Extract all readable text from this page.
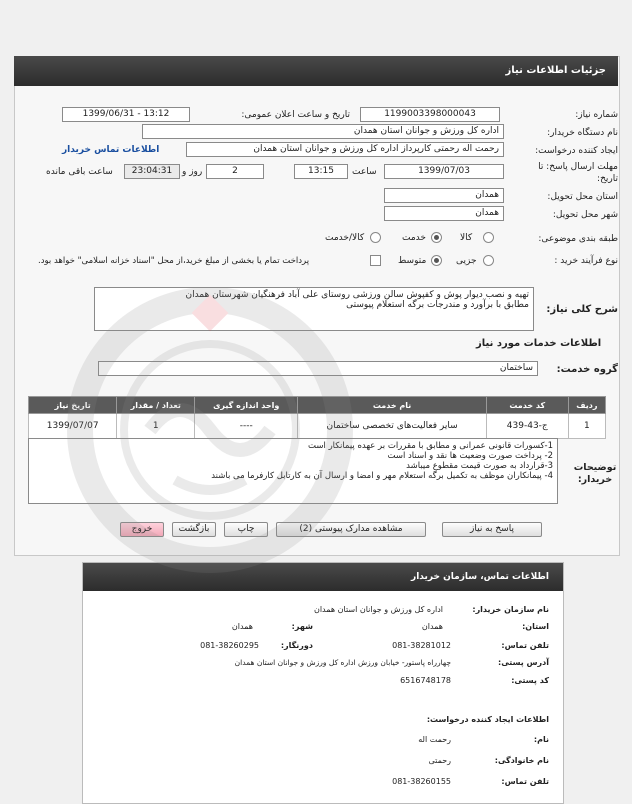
جزئیات اطلاعات نیاز
شماره نیاز:
1199003398000043
تاریخ و ساعت اعلان عمومی:
1399/06/31 - 13:12
نام دستگاه خریدار:
اداره کل ورزش و جوانان استان همدان
ایجاد کننده درخواست:
رحمت اله رحمتی کارپرداز اداره کل ورزش و جوانان استان همدان
اطلاعات تماس خریدار
مهلت ارسال پاسخ: تا
تاریخ:
1399/07/03
ساعت
13:15
2
روز و
23:04:31
ساعت باقی مانده
استان محل تحویل:
همدان
شهر محل تحویل:
همدان
طبقه بندی موضوعی:
کالا
خدمت
کالا/خدمت
نوع فرآیند خرید :
جزیی
متوسط
پرداخت تمام یا بخشی از مبلغ خرید،از محل "اسناد خزانه اسلامی" خواهد بود.
شرح کلی نیاز:
تهیه و نصب دیوار پوش و کفپوش سالن ورزشی روستای علی آباد فرهنگیان شهرستان همدان
مطابق با برآورد و مندرجات برگه استعلام پیوستی
اطلاعات خدمات مورد نیاز
گروه خدمت:
ساختمان
ردیف	کد خدمت	نام خدمت	واحد اندازه گیری	تعداد / مقدار	تاریخ نیاز
1	ج-43-439	سایر فعالیت‌های تخصصی ساختمان	----	1	1399/07/07
توضیحات
خریدار:
1-کسورات قانونی عمرانی و مطابق با مقررات بر عهده پیمانکار است
2- پرداخت صورت وضعیت ها نقد و اسناد است
3-قرارداد به صورت قیمت مقطوع میباشد
4- پیمانکاران موظف به تکمیل برگه استعلام مهر و امضا و ارسال آن به کارتابل کارفرما می باشند
پاسخ به نیاز
مشاهده مدارک پیوستی (2)
چاپ
بازگشت
خروج
اطلاعات تماس، سازمان خریدار
نام سازمان خریدار:
اداره کل ورزش و جوانان استان همدان
استان:
همدان
شهر:
همدان
تلفن تماس:
081-38281012
دورنگار:
081-38260295
آدرس پستی:
چهارراه پاستور- خیابان ورزش اداره کل ورزش و جوانان استان همدان
کد پستی:
6516748178
اطلاعات ایجاد کننده درخواست:
نام:
رحمت اله
نام خانوادگی:
رحمتی
تلفن تماس:
081-38260155
